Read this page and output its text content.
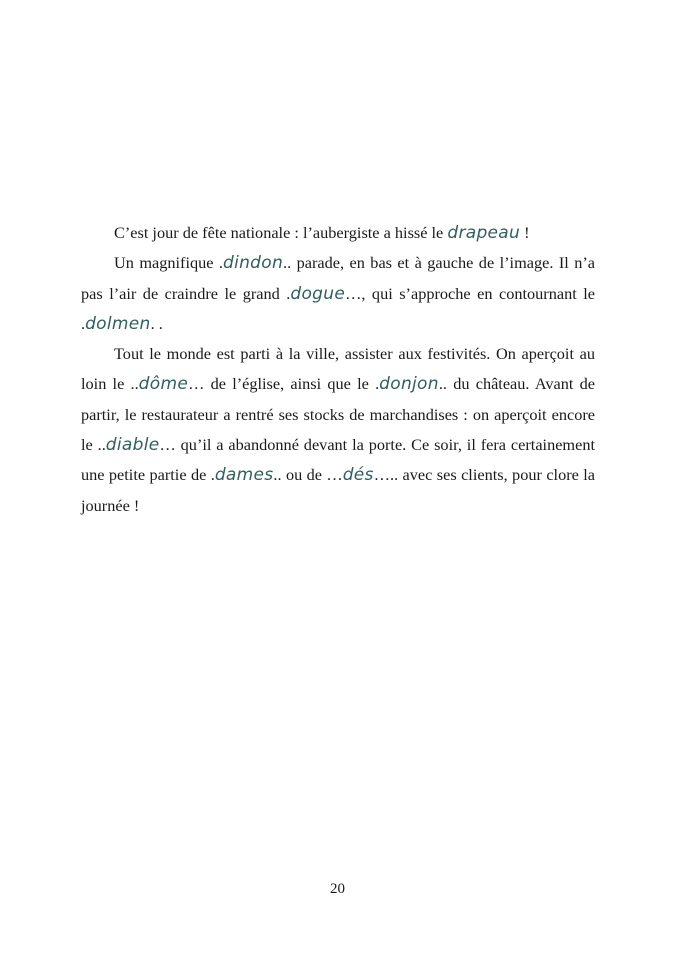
C’est jour de fête nationale : l’aubergiste a hissé le drapeau !

Un magnifique .dindon.. parade, en bas et à gauche de l’image. Il n’a pas l’air de craindre le grand .dogue…, qui s’approche en contournant le .dolmen. .

Tout le monde est parti à la ville, assister aux festivités. On aperçoit au loin le ..dôme… de l’église, ainsi que le .donjon.. du château. Avant de partir, le restaurateur a rentré ses stocks de marchandises : on aperçoit encore le ..diable… qu’il a abandonné devant la porte. Ce soir, il fera certainement une petite partie de .dames.. ou de …dés….. avec ses clients, pour clore la journée !

20
